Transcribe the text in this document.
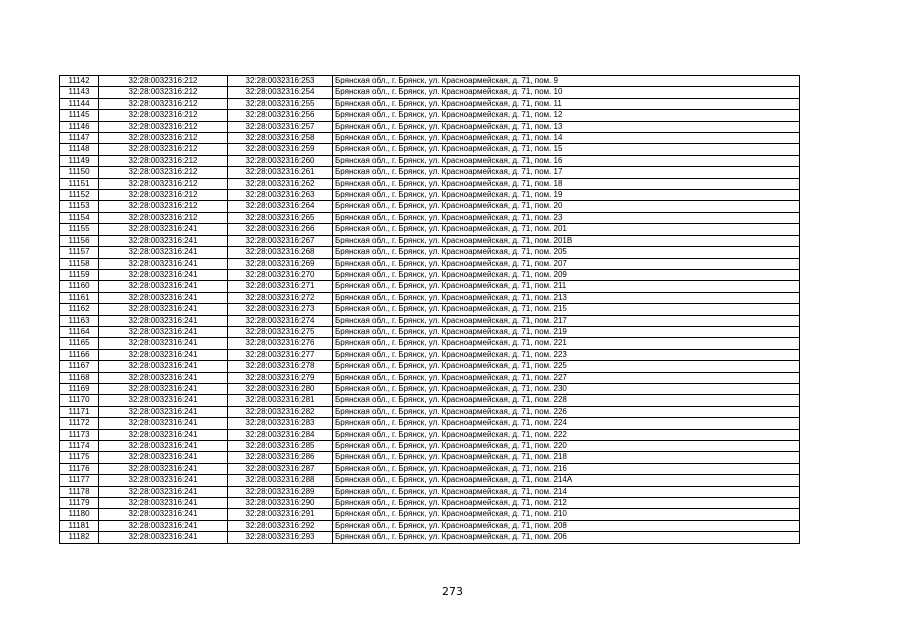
11142	32:28:0032316:212	32:28:0032316:253	Брянская обл., г. Брянск, ул. Красноармейская, д. 71, пом. 9
11143	32:28:0032316:212	32:28:0032316:254	Брянская обл., г. Брянск, ул. Красноармейская, д. 71, пом. 10
11144	32:28:0032316:212	32:28:0032316:255	Брянская обл., г. Брянск, ул. Красноармейская, д. 71, пом. 11
11145	32:28:0032316:212	32:28:0032316:256	Брянская обл., г. Брянск, ул. Красноармейская, д. 71, пом. 12
11146	32:28:0032316:212	32:28:0032316:257	Брянская обл., г. Брянск, ул. Красноармейская, д. 71, пом. 13
11147	32:28:0032316:212	32:28:0032316:258	Брянская обл., г. Брянск, ул. Красноармейская, д. 71, пом. 14
11148	32:28:0032316:212	32:28:0032316:259	Брянская обл., г. Брянск, ул. Красноармейская, д. 71, пом. 15
11149	32:28:0032316:212	32:28:0032316:260	Брянская обл., г. Брянск, ул. Красноармейская, д. 71, пом. 16
11150	32:28:0032316:212	32:28:0032316:261	Брянская обл., г. Брянск, ул. Красноармейская, д. 71, пом. 17
11151	32:28:0032316:212	32:28:0032316:262	Брянская обл., г. Брянск, ул. Красноармейская, д. 71, пом. 18
11152	32:28:0032316:212	32:28:0032316:263	Брянская обл., г. Брянск, ул. Красноармейская, д. 71, пом. 19
11153	32:28:0032316:212	32:28:0032316:264	Брянская обл., г. Брянск, ул. Красноармейская, д. 71, пом. 20
11154	32:28:0032316:212	32:28:0032316:265	Брянская обл., г. Брянск, ул. Красноармейская, д. 71, пом. 23
11155	32:28:0032316:241	32:28:0032316:266	Брянская обл., г. Брянск, ул. Красноармейская, д. 71, пом. 201
11156	32:28:0032316:241	32:28:0032316:267	Брянская обл., г. Брянск, ул. Красноармейская, д. 71, пом. 201В
11157	32:28:0032316:241	32:28:0032316:268	Брянская обл., г. Брянск, ул. Красноармейская, д. 71, пом. 205
11158	32:28:0032316:241	32:28:0032316:269	Брянская обл., г. Брянск, ул. Красноармейская, д. 71, пом. 207
11159	32:28:0032316:241	32:28:0032316:270	Брянская обл., г. Брянск, ул. Красноармейская, д. 71, пом. 209
11160	32:28:0032316:241	32:28:0032316:271	Брянская обл., г. Брянск, ул. Красноармейская, д. 71, пом. 211
11161	32:28:0032316:241	32:28:0032316:272	Брянская обл., г. Брянск, ул. Красноармейская, д. 71, пом. 213
11162	32:28:0032316:241	32:28:0032316:273	Брянская обл., г. Брянск, ул. Красноармейская, д. 71, пом. 215
11163	32:28:0032316:241	32:28:0032316:274	Брянская обл., г. Брянск, ул. Красноармейская, д. 71, пом. 217
11164	32:28:0032316:241	32:28:0032316:275	Брянская обл., г. Брянск, ул. Красноармейская, д. 71, пом. 219
11165	32:28:0032316:241	32:28:0032316:276	Брянская обл., г. Брянск, ул. Красноармейская, д. 71, пом. 221
11166	32:28:0032316:241	32:28:0032316:277	Брянская обл., г. Брянск, ул. Красноармейская, д. 71, пом. 223
11167	32:28:0032316:241	32:28:0032316:278	Брянская обл., г. Брянск, ул. Красноармейская, д. 71, пом. 225
11168	32:28:0032316:241	32:28:0032316:279	Брянская обл., г. Брянск, ул. Красноармейская, д. 71, пом. 227
11169	32:28:0032316:241	32:28:0032316:280	Брянская обл., г. Брянск, ул. Красноармейская, д. 71, пом. 230
11170	32:28:0032316:241	32:28:0032316:281	Брянская обл., г. Брянск, ул. Красноармейская, д. 71, пом. 228
11171	32:28:0032316:241	32:28:0032316:282	Брянская обл., г. Брянск, ул. Красноармейская, д. 71, пом. 226
11172	32:28:0032316:241	32:28:0032316:283	Брянская обл., г. Брянск, ул. Красноармейская, д. 71, пом. 224
11173	32:28:0032316:241	32:28:0032316:284	Брянская обл., г. Брянск, ул. Красноармейская, д. 71, пом. 222
11174	32:28:0032316:241	32:28:0032316:285	Брянская обл., г. Брянск, ул. Красноармейская, д. 71, пом. 220
11175	32:28:0032316:241	32:28:0032316:286	Брянская обл., г. Брянск, ул. Красноармейская, д. 71, пом. 218
11176	32:28:0032316:241	32:28:0032316:287	Брянская обл., г. Брянск, ул. Красноармейская, д. 71, пом. 216
11177	32:28:0032316:241	32:28:0032316:288	Брянская обл., г. Брянск, ул. Красноармейская, д. 71, пом. 214А
11178	32:28:0032316:241	32:28:0032316:289	Брянская обл., г. Брянск, ул. Красноармейская, д. 71, пом. 214
11179	32:28:0032316:241	32:28:0032316:290	Брянская обл., г. Брянск, ул. Красноармейская, д. 71, пом. 212
11180	32:28:0032316:241	32:28:0032316:291	Брянская обл., г. Брянск, ул. Красноармейская, д. 71, пом. 210
11181	32:28:0032316:241	32:28:0032316:292	Брянская обл., г. Брянск, ул. Красноармейская, д. 71, пом. 208
11182	32:28:0032316:241	32:28:0032316:293	Брянская обл., г. Брянск, ул. Красноармейская, д. 71, пом. 206
273
